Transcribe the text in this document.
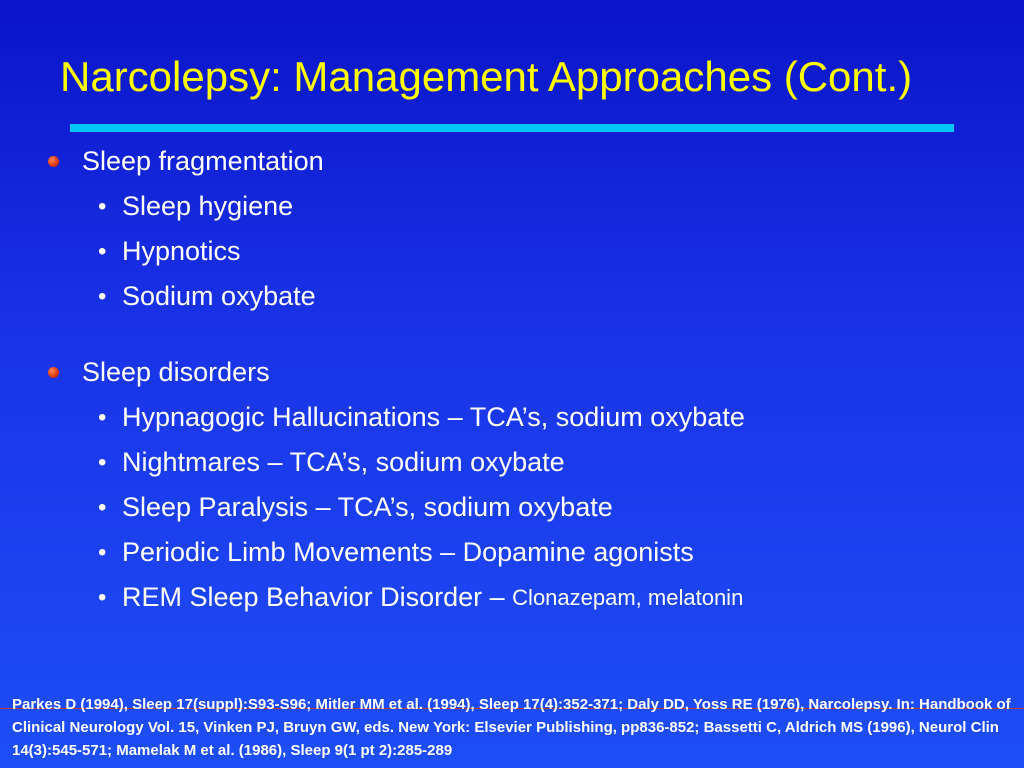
Narcolepsy: Management Approaches (Cont.)
Sleep fragmentation
• Sleep hygiene
• Hypnotics
• Sodium oxybate
Sleep disorders
• Hypnagogic Hallucinations – TCA’s, sodium oxybate
• Nightmares – TCA’s, sodium oxybate
• Sleep Paralysis – TCA’s, sodium oxybate
• Periodic Limb Movements – Dopamine agonists
• REM Sleep Behavior Disorder – Clonazepam, melatonin
Parkes D (1994), Sleep 17(suppl):S93-S96; Mitler MM et al. (1994), Sleep 17(4):352-371; Daly DD, Yoss RE (1976), Narcolepsy. In: Handbook of Clinical Neurology Vol. 15, Vinken PJ, Bruyn GW, eds. New York: Elsevier Publishing, pp836-852; Bassetti C, Aldrich MS (1996), Neurol Clin 14(3):545-571; Mamelak M et al. (1986), Sleep 9(1 pt 2):285-289
